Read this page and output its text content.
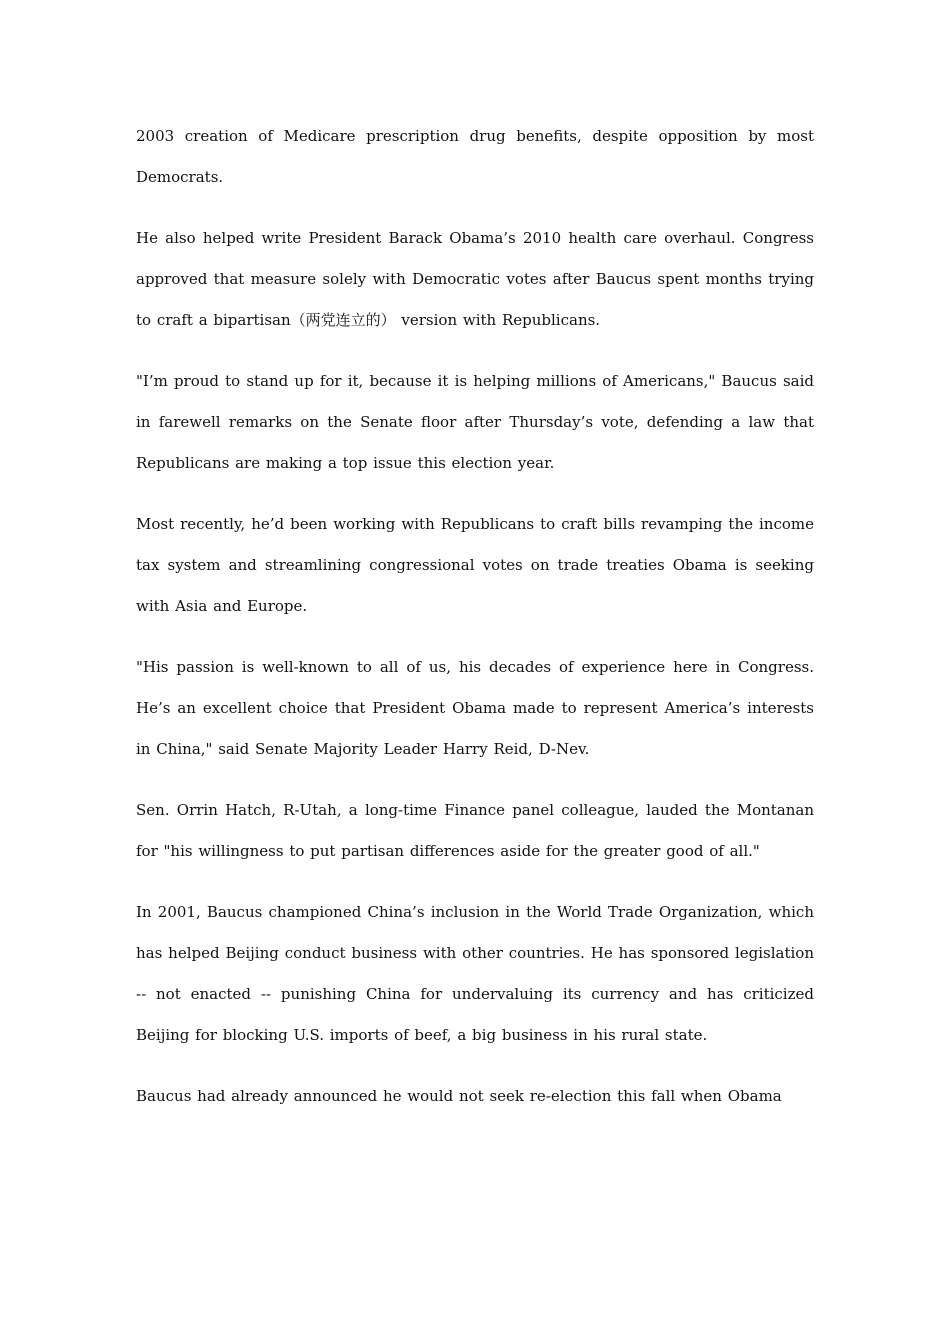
2003 creation of Medicare prescription drug benefits, despite opposition by most Democrats.

He also helped write President Barack Obama’s 2010 health care overhaul. Congress approved that measure solely with Democratic votes after Baucus spent months trying to craft a bipartisan（两党连立的） version with Republicans.

"I’m proud to stand up for it, because it is helping millions of Americans," Baucus said in farewell remarks on the Senate floor after Thursday’s vote, defending a law that Republicans are making a top issue this election year.

Most recently, he’d been working with Republicans to craft bills revamping the income tax system and streamlining congressional votes on trade treaties Obama is seeking with Asia and Europe.

"His passion is well-known to all of us, his decades of experience here in Congress. He’s an excellent choice that President Obama made to represent America’s interests in China," said Senate Majority Leader Harry Reid, D-Nev.

Sen. Orrin Hatch, R-Utah, a long-time Finance panel colleague, lauded the Montanan for "his willingness to put partisan differences aside for the greater good of all."

In 2001, Baucus championed China’s inclusion in the World Trade Organization, which has helped Beijing conduct business with other countries. He has sponsored legislation -- not enacted -- punishing China for undervaluing its currency and has criticized Beijing for blocking U.S. imports of beef, a big business in his rural state.

Baucus had already announced he would not seek re-election this fall when Obama
